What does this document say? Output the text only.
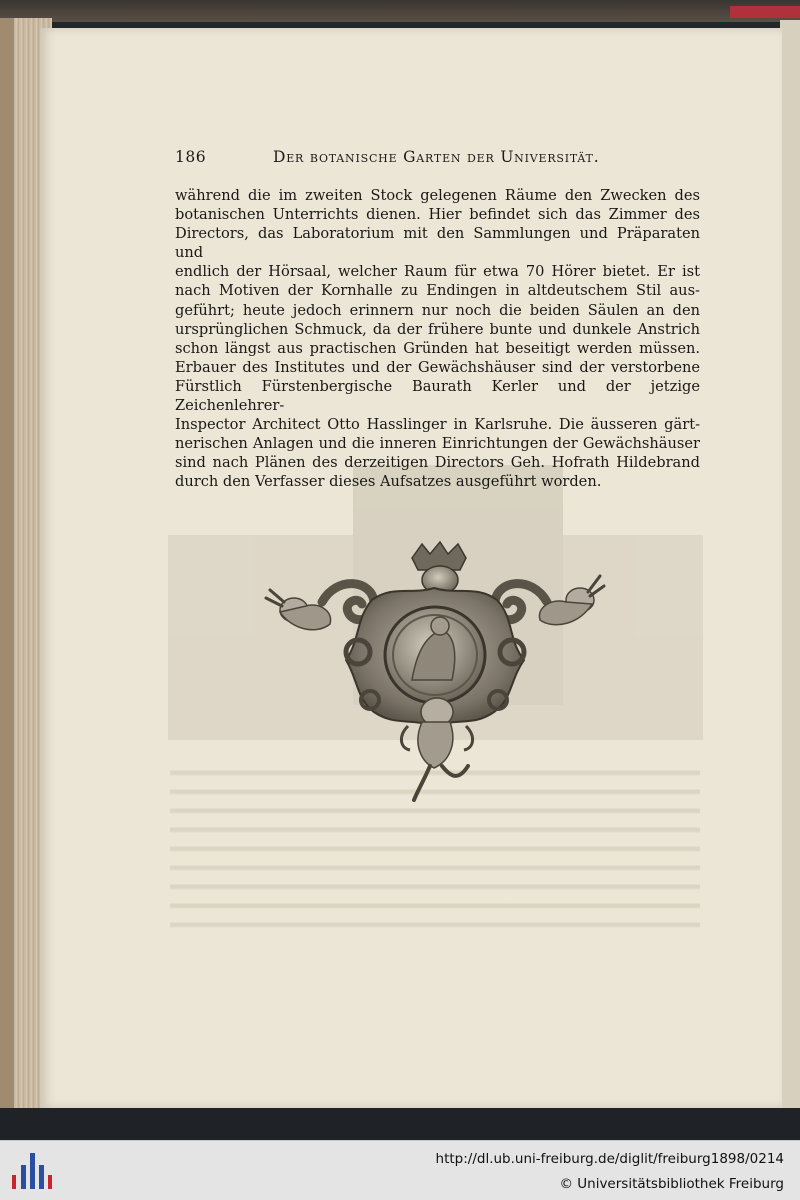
186	Der botanische Garten der Universität.

während die im zweiten Stock gelegenen Räume den Zwecken des
botanischen Unterrichts dienen. Hier befindet sich das Zimmer des
Directors, das Laboratorium mit den Sammlungen und Präparaten und
endlich der Hörsaal, welcher Raum für etwa 70 Hörer bietet. Er ist
nach Motiven der Kornhalle zu Endingen in altdeutschem Stil aus-
geführt; heute jedoch erinnern nur noch die beiden Säulen an den
ursprünglichen Schmuck, da der frühere bunte und dunkele Anstrich
schon längst aus practischen Gründen hat beseitigt werden müssen.
Erbauer des Institutes und der Gewächshäuser sind der verstorbene
Fürstlich Fürstenbergische Baurath Kerler und der jetzige Zeichenlehrer-
Inspector Architect Otto Hasslinger in Karlsruhe. Die äusseren gärt-
nerischen Anlagen und die inneren Einrichtungen der Gewächshäuser
sind nach Plänen des derzeitigen Directors Geh. Hofrath Hildebrand
durch den Verfasser dieses Aufsatzes ausgeführt worden.

http://dl.ub.uni-freiburg.de/diglit/freiburg1898/0214
© Universitätsbibliothek Freiburg
